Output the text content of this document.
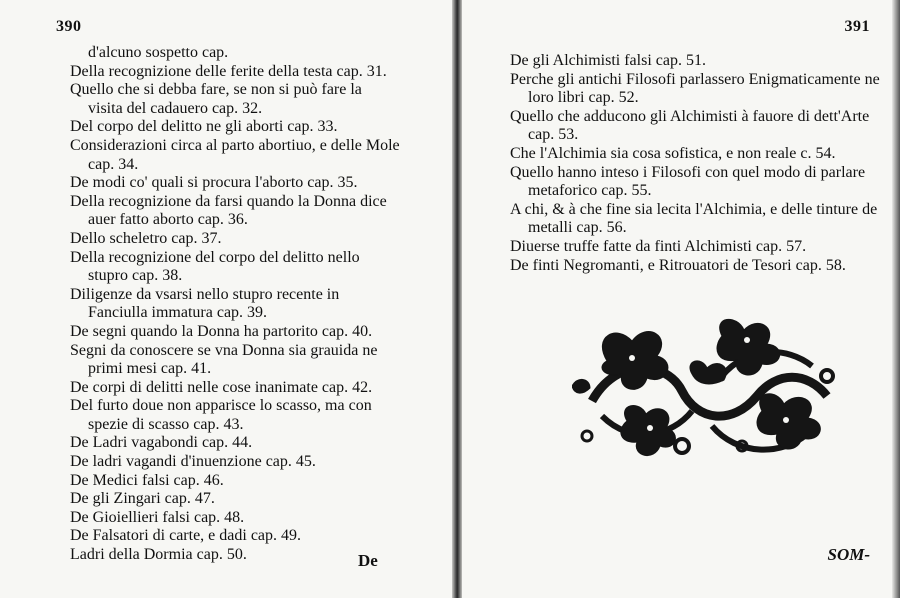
390
d'alcuno sospetto cap.
Della recognizione delle ferite della testa cap. 31.
Quello che si debba fare, se non si può fare la visita del cadauero cap. 32.
Del corpo del delitto ne gli aborti cap. 33.
Considerazioni circa al parto abortiuo, e delle Mole cap. 34.
De modi co' quali si procura l'aborto cap. 35.
Della recognizione da farsi quando la Donna dice auer fatto aborto cap. 36.
Dello scheletro cap. 37.
Della recognizione del corpo del delitto nello stupro cap. 38.
Diligenze da vsarsi nello stupro recente in Fanciulla immatura cap. 39.
De segni quando la Donna ha partorito cap. 40.
Segni da conoscere se vna Donna sia grauida ne primi mesi cap. 41.
De corpi di delitti nelle cose inanimate cap. 42.
Del furto doue non apparisce lo scasso, ma con spezie di scasso cap. 43.
De Ladri vagabondi cap. 44.
De ladri vagandi d'inuenzione cap. 45.
De Medici falsi cap. 46.
De gli Zingari cap. 47.
De Gioiellieri falsi cap. 48.
De Falsatori di carte, e dadi cap. 49.
Ladri della Dormia cap. 50.	De
391
De gli Alchimisti falsi cap. 51.
Perche gli antichi Filosofi parlassero Enigmaticamente ne loro libri cap. 52.
Quello che adducono gli Alchimisti à fauore di dett'Arte cap. 53.
Che l'Alchimia sia cosa sofistica, e non reale c. 54.
Quello hanno inteso i Filosofi con quel modo di parlare metaforico cap. 55.
A chi, & à che fine sia lecita l'Alchimia, e delle tinture de metalli cap. 56.
Diuerse truffe fatte da finti Alchimisti cap. 57.
De finti Negromanti, e Ritrouatori de Tesori cap. 58.
SOM-
